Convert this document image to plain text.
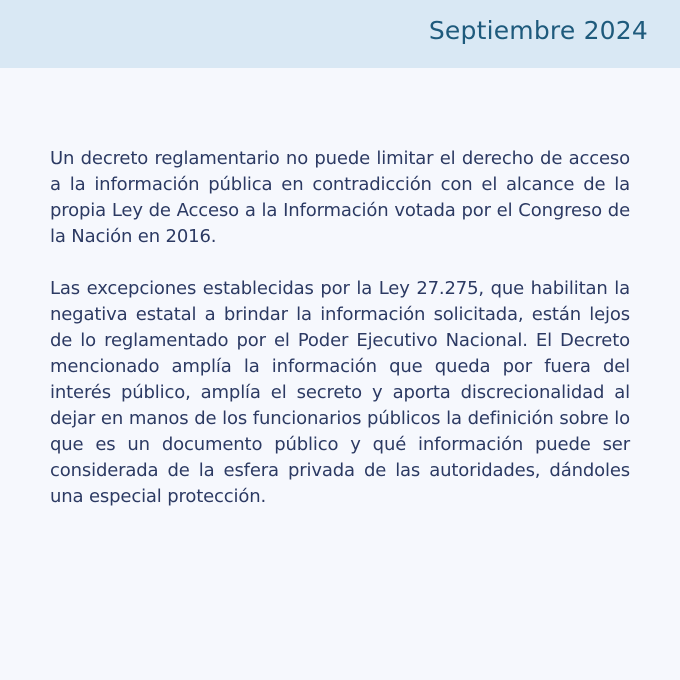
Septiembre 2024

Un decreto reglamentario no puede limitar el derecho de acceso a la información pública en contradicción con el alcance de la propia Ley de Acceso a la Información votada por el Congreso de la Nación en 2016.

Las excepciones establecidas por la Ley 27.275, que habilitan la negativa estatal a brindar la información solicitada, están lejos de lo reglamentado por el Poder Ejecutivo Nacional. El Decreto mencionado amplía la información que queda por fuera del interés público, amplía el secreto y aporta discrecionalidad al dejar en manos de los funcionarios públicos la definición sobre lo que es un documento público y qué información puede ser considerada de la esfera privada de las autoridades, dándoles una especial protección.
